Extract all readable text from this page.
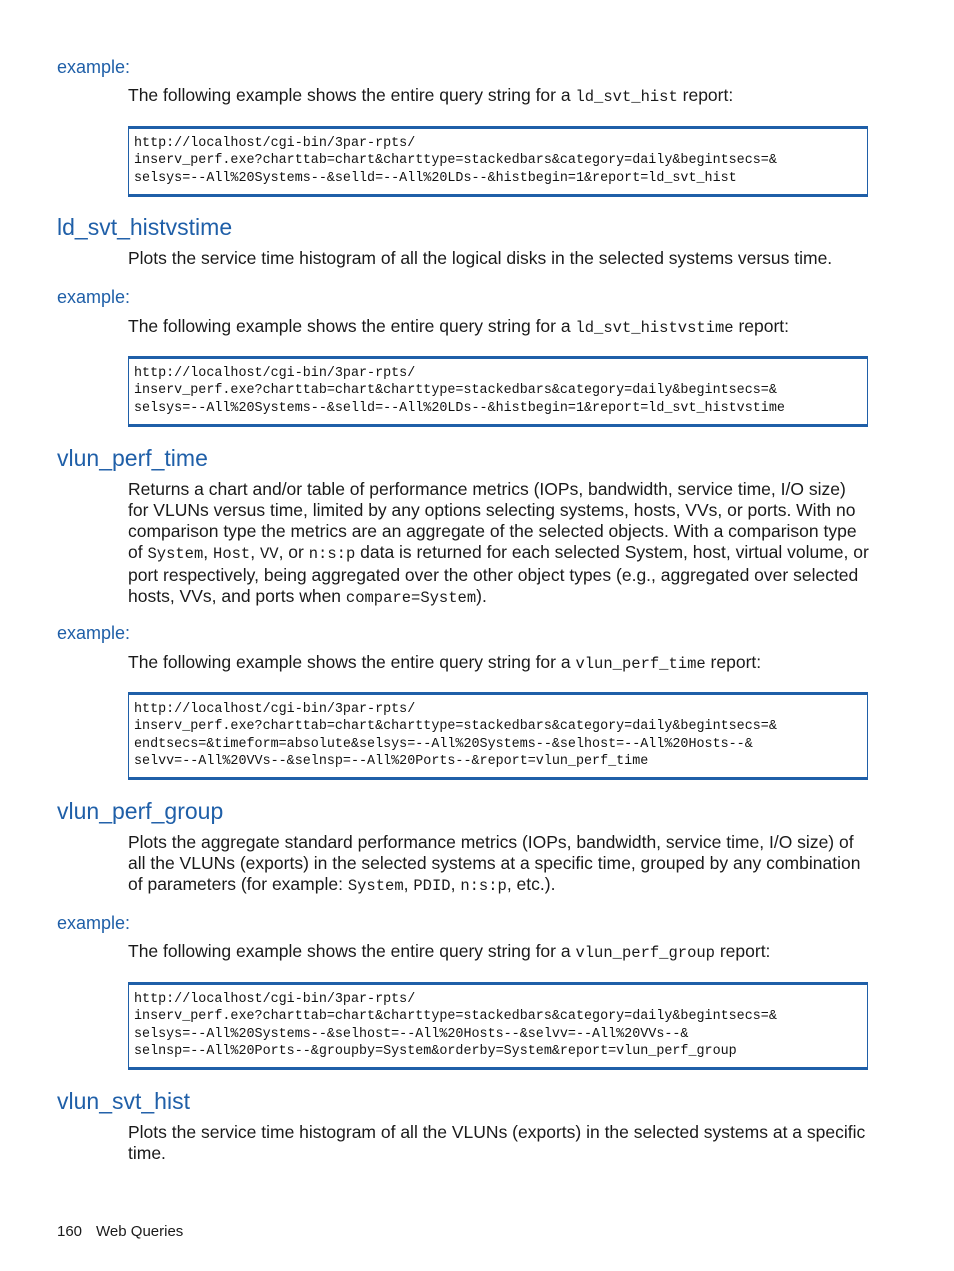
example:
The following example shows the entire query string for a ld_svt_hist report:
http://localhost/cgi-bin/3par-rpts/
inserv_perf.exe?charttab=chart&charttype=stackedbars&category=daily&begintsecs=&
selsys=--All%20Systems--&selld=--All%20LDs--&histbegin=1&report=ld_svt_hist
ld_svt_histvstime
Plots the service time histogram of all the logical disks in the selected systems versus time.
example:
The following example shows the entire query string for a ld_svt_histvstime report:
http://localhost/cgi-bin/3par-rpts/
inserv_perf.exe?charttab=chart&charttype=stackedbars&category=daily&begintsecs=&
selsys=--All%20Systems--&selld=--All%20LDs--&histbegin=1&report=ld_svt_histvstime
vlun_perf_time
Returns a chart and/or table of performance metrics (IOPs, bandwidth, service time, I/O size) for VLUNs versus time, limited by any options selecting systems, hosts, VVs, or ports. With no comparison type the metrics are an aggregate of the selected objects. With a comparison type of System, Host, VV, or n:s:p data is returned for each selected System, host, virtual volume, or port respectively, being aggregated over the other object types (e.g., aggregated over selected hosts, VVs, and ports when compare=System).
example:
The following example shows the entire query string for a vlun_perf_time report:
http://localhost/cgi-bin/3par-rpts/
inserv_perf.exe?charttab=chart&charttype=stackedbars&category=daily&begintsecs=&
endtsecs=&timeform=absolute&selsys=--All%20Systems--&selhost=--All%20Hosts--&
selvv=--All%20VVs--&selnsp=--All%20Ports--&report=vlun_perf_time
vlun_perf_group
Plots the aggregate standard performance metrics (IOPs, bandwidth, service time, I/O size) of all the VLUNs (exports) in the selected systems at a specific time, grouped by any combination of parameters (for example: System, PDID, n:s:p, etc.).
example:
The following example shows the entire query string for a vlun_perf_group report:
http://localhost/cgi-bin/3par-rpts/
inserv_perf.exe?charttab=chart&charttype=stackedbars&category=daily&begintsecs=&
selsys=--All%20Systems--&selhost=--All%20Hosts--&selvv=--All%20VVs--&
selnsp=--All%20Ports--&groupby=System&orderby=System&report=vlun_perf_group
vlun_svt_hist
Plots the service time histogram of all the VLUNs (exports) in the selected systems at a specific time.
160 Web Queries
